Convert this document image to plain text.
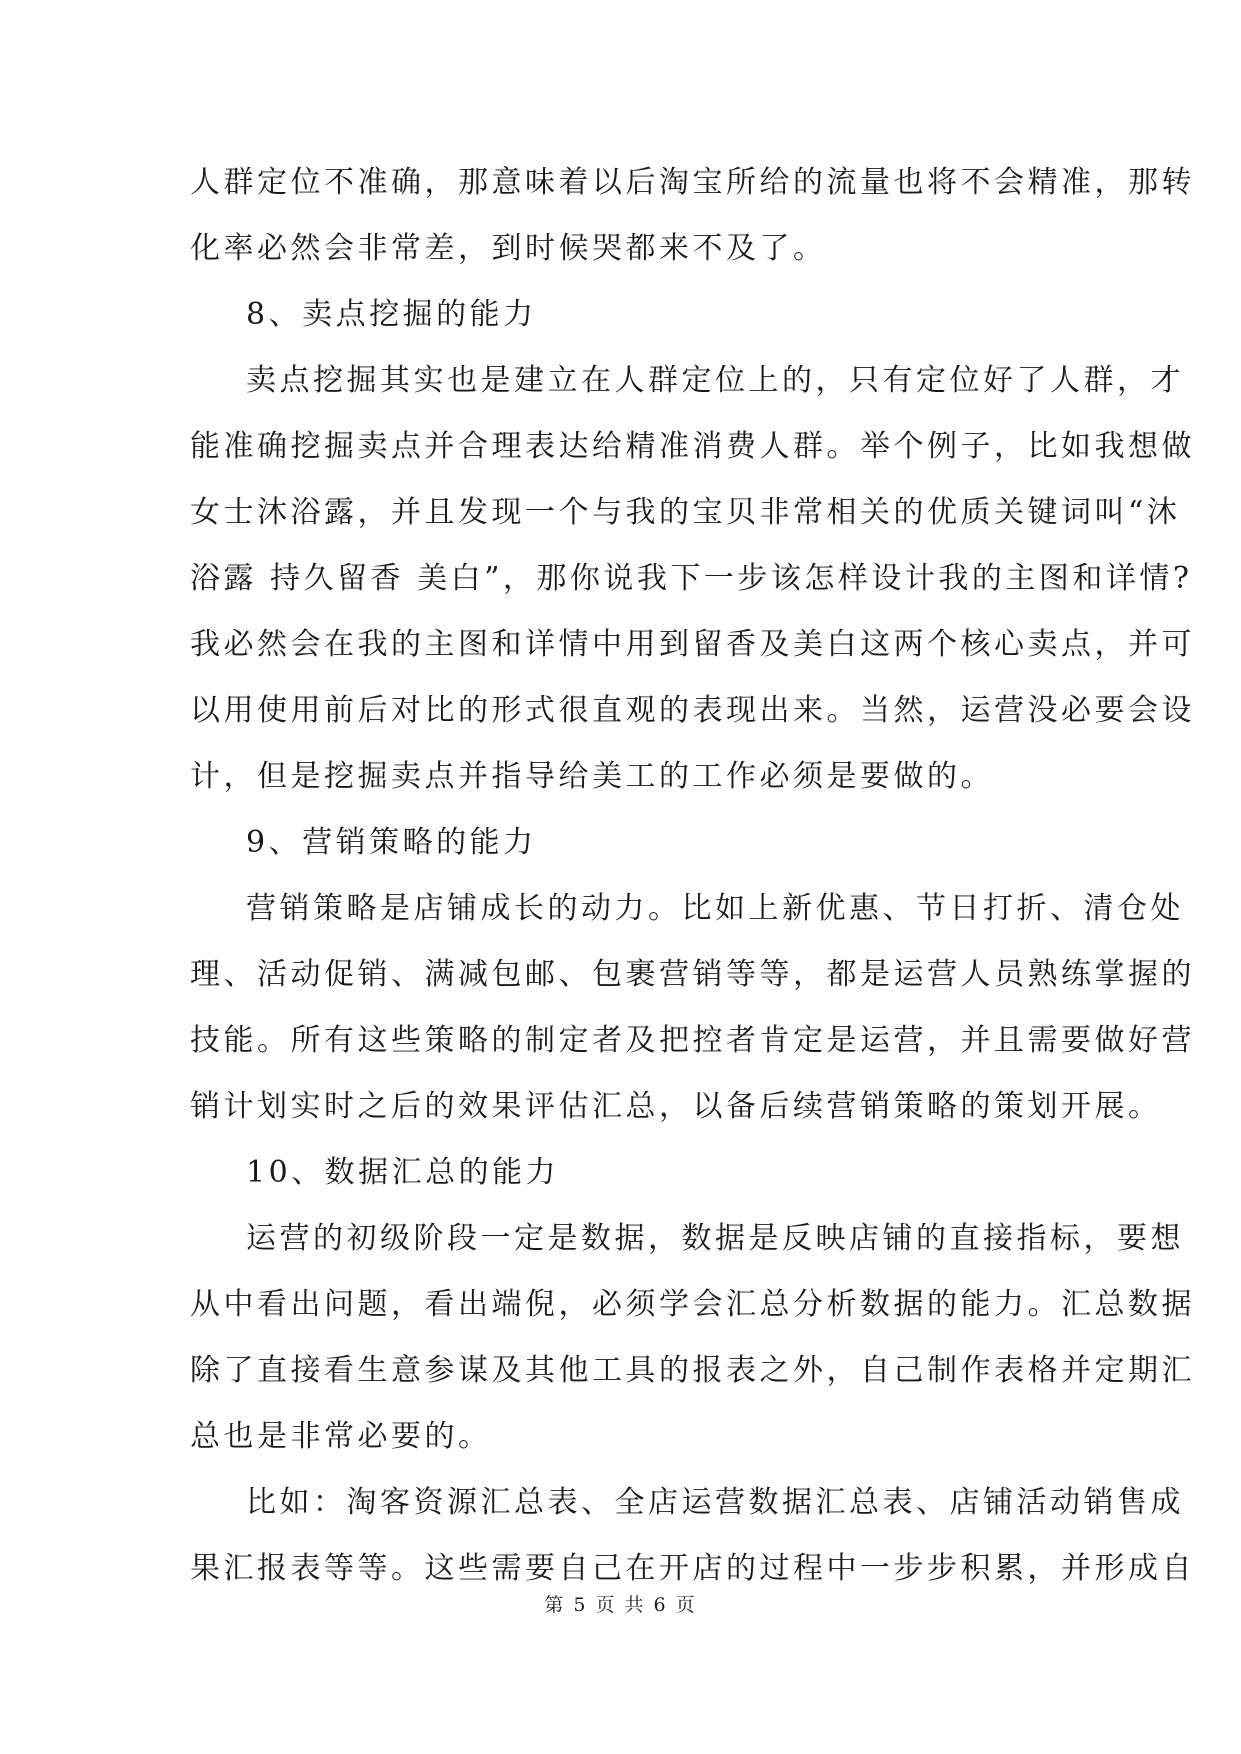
人群定位不准确，那意味着以后淘宝所给的流量也将不会精准，那转

化率必然会非常差，到时候哭都来不及了。

8、卖点挖掘的能力

卖点挖掘其实也是建立在人群定位上的，只有定位好了人群，才

能准确挖掘卖点并合理表达给精准消费人群。举个例子，比如我想做

女士沐浴露，并且发现一个与我的宝贝非常相关的优质关键词叫“沐

浴露 持久留香 美白”，那你说我下一步该怎样设计我的主图和详情?

我必然会在我的主图和详情中用到留香及美白这两个核心卖点，并可

以用使用前后对比的形式很直观的表现出来。当然，运营没必要会设

计，但是挖掘卖点并指导给美工的工作必须是要做的。

9、营销策略的能力

营销策略是店铺成长的动力。比如上新优惠、节日打折、清仓处

理、活动促销、满减包邮、包裹营销等等，都是运营人员熟练掌握的

技能。所有这些策略的制定者及把控者肯定是运营，并且需要做好营

销计划实时之后的效果评估汇总，以备后续营销策略的策划开展。

10、数据汇总的能力

运营的初级阶段一定是数据，数据是反映店铺的直接指标，要想

从中看出问题，看出端倪，必须学会汇总分析数据的能力。汇总数据

除了直接看生意参谋及其他工具的报表之外，自己制作表格并定期汇

总也是非常必要的。

比如：淘客资源汇总表、全店运营数据汇总表、店铺活动销售成

果汇报表等等。这些需要自己在开店的过程中一步步积累，并形成自

第 5 页 共 6 页
